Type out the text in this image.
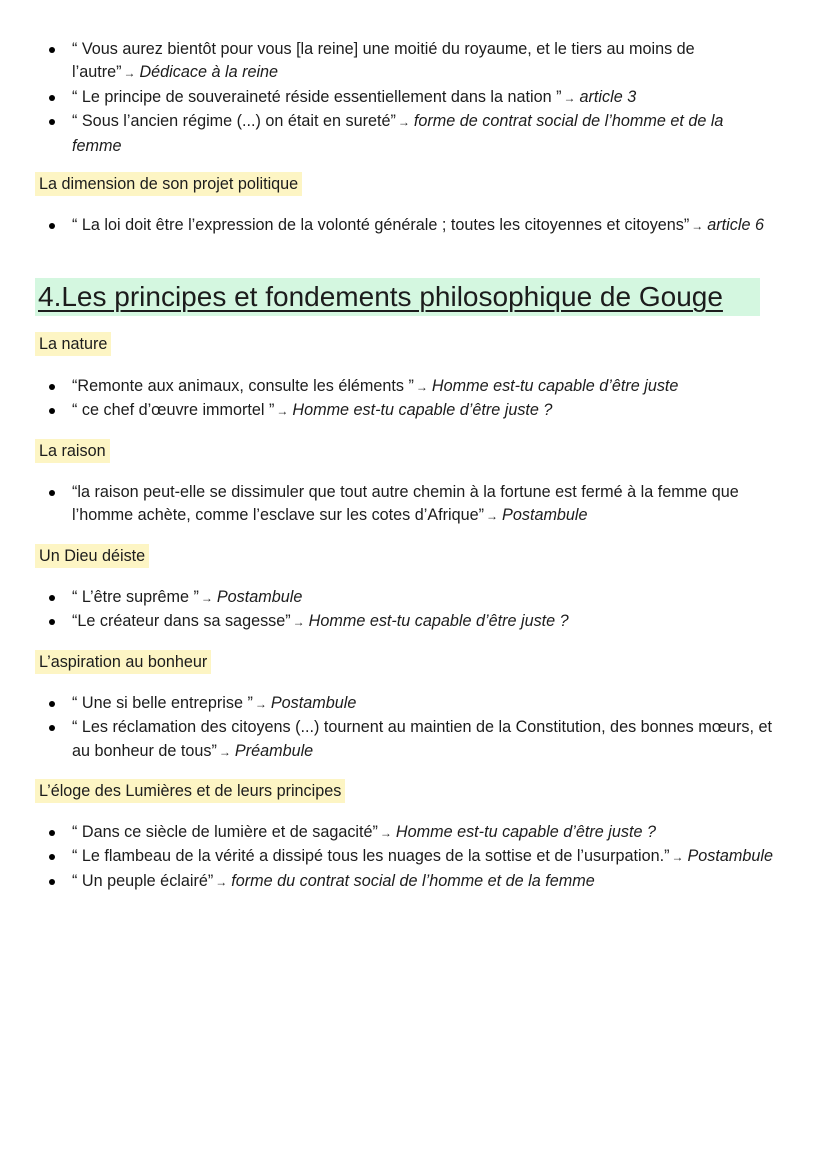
“ Vous aurez bientôt pour vous [la reine] une moitié du royaume, et le tiers au moins de l’autre” → Dédicace à la reine
“ Le principe de souveraineté réside essentiellement dans la nation ” → article 3
“ Sous l’ancien régime (...) on était en sureté” → forme de contrat social de l’homme et de la femme
La dimension de son projet politique
“ La loi doit être l’expression de la volonté générale ; toutes les citoyennes et citoyens” → article 6
4.Les principes et fondements philosophique de Gouge
La nature
“Remonte aux animaux, consulte les éléments ” → Homme est-tu capable d’être juste
“ ce chef d’œuvre immortel ” → Homme est-tu capable d’être juste ?
La raison
“la raison peut-elle se dissimuler que tout autre chemin à la fortune est fermé à la femme que l’homme achète, comme l’esclave sur les cotes d’Afrique” → Postambule
Un Dieu déiste
“ L’être suprême ” → Postambule
“Le créateur dans sa sagesse” → Homme est-tu capable d’être juste ?
L’aspiration au bonheur
“ Une si belle entreprise ” → Postambule
“ Les réclamation des citoyens (...) tournent au maintien de la Constitution, des bonnes mœurs, et au bonheur de tous” → Préambule
L’éloge des Lumières et de leurs principes
“ Dans ce siècle de lumière et de sagacité” → Homme est-tu capable d’être juste ?
“ Le flambeau de la vérité a dissipé tous les nuages de la sottise et de l’usurpation.” → Postambule
“ Un peuple éclairé” → forme du contrat social de l’homme et de la femme
